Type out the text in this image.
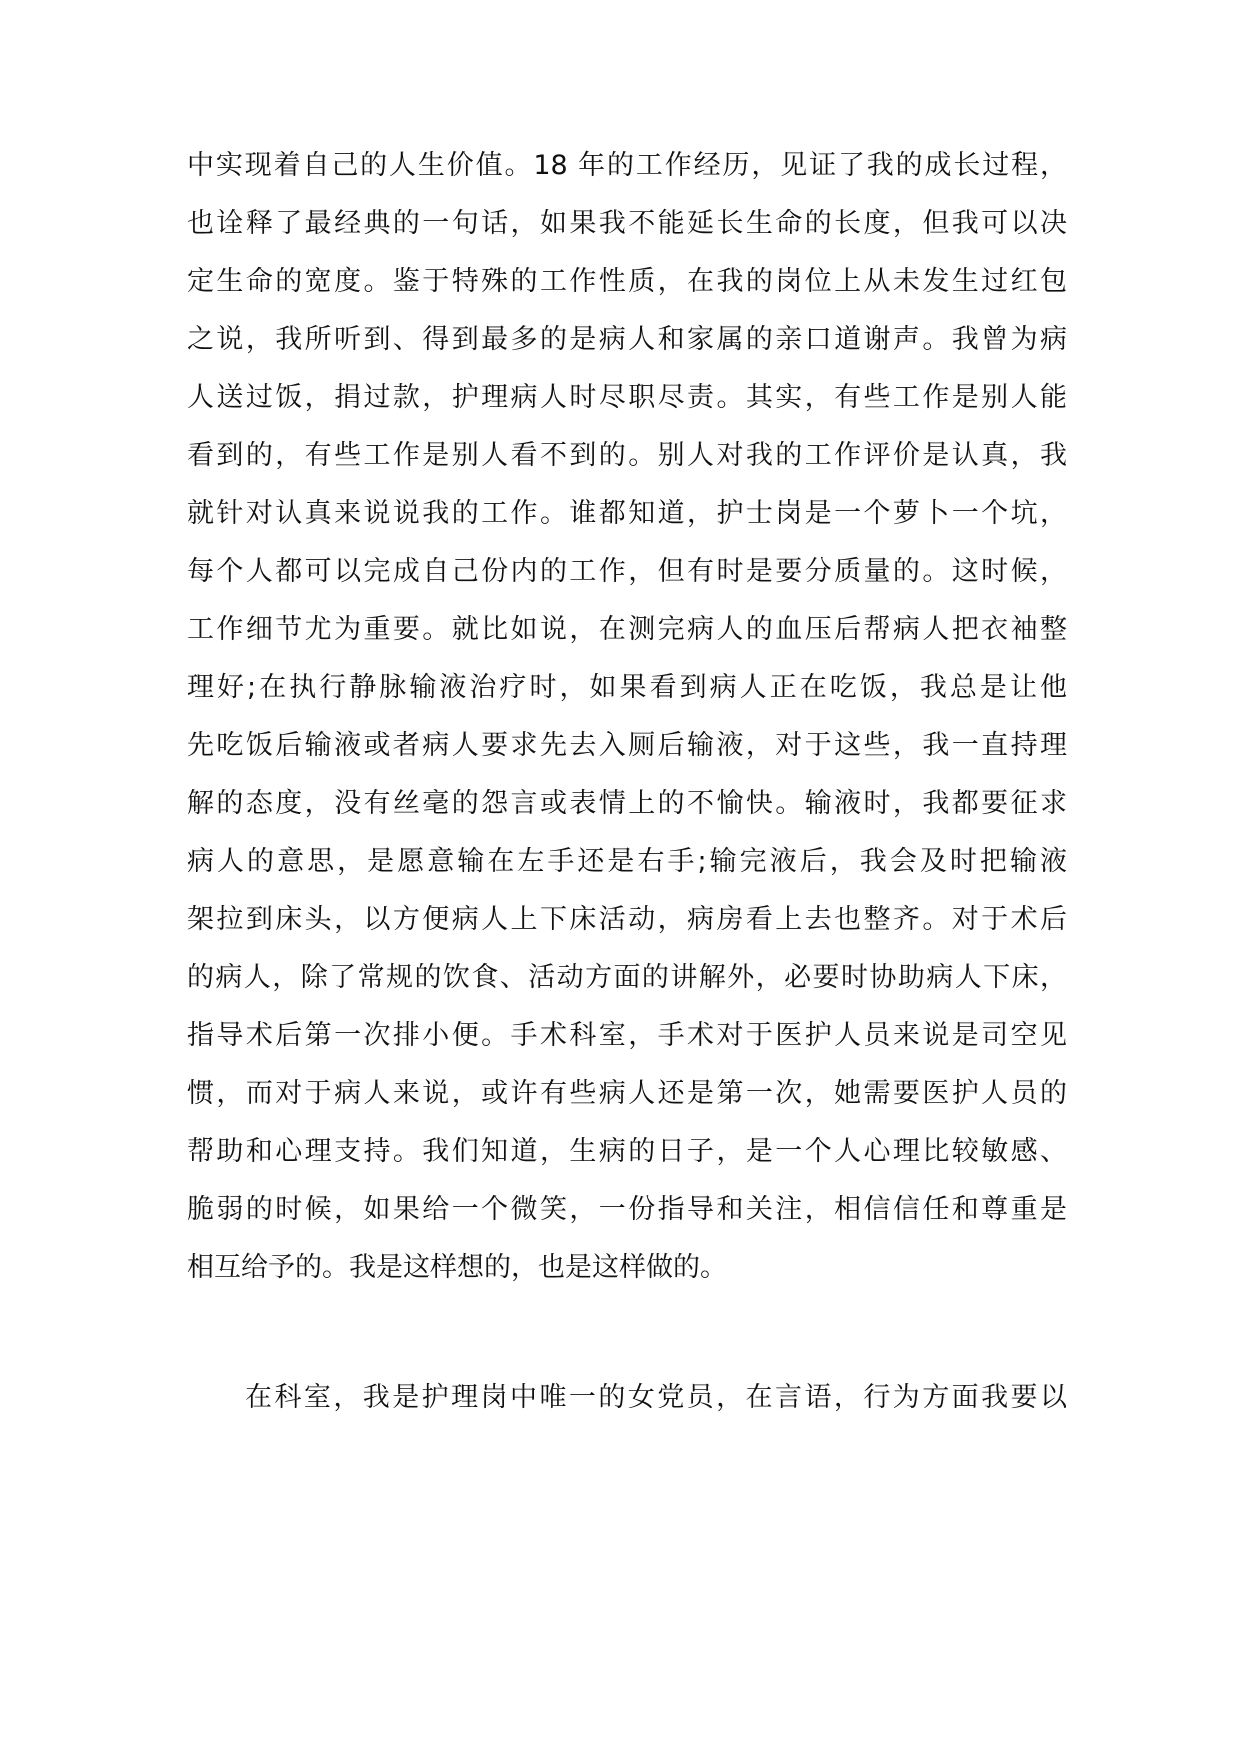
中实现着自己的人生价值。18 年的工作经历，见证了我的成长过程，
也诠释了最经典的一句话，如果我不能延长生命的长度，但我可以决
定生命的宽度。鉴于特殊的工作性质，在我的岗位上从未发生过红包
之说，我所听到、得到最多的是病人和家属的亲口道谢声。我曾为病
人送过饭，捐过款，护理病人时尽职尽责。其实，有些工作是别人能
看到的，有些工作是别人看不到的。别人对我的工作评价是认真，我
就针对认真来说说我的工作。谁都知道，护士岗是一个萝卜一个坑，
每个人都可以完成自己份内的工作，但有时是要分质量的。这时候，
工作细节尤为重要。就比如说，在测完病人的血压后帮病人把衣袖整
理好;在执行静脉输液治疗时，如果看到病人正在吃饭，我总是让他
先吃饭后输液或者病人要求先去入厕后输液，对于这些，我一直持理
解的态度，没有丝毫的怨言或表情上的不愉快。输液时，我都要征求
病人的意思，是愿意输在左手还是右手;输完液后，我会及时把输液
架拉到床头，以方便病人上下床活动，病房看上去也整齐。对于术后
的病人，除了常规的饮食、活动方面的讲解外，必要时协助病人下床，
指导术后第一次排小便。手术科室，手术对于医护人员来说是司空见
惯，而对于病人来说，或许有些病人还是第一次，她需要医护人员的
帮助和心理支持。我们知道，生病的日子，是一个人心理比较敏感、
脆弱的时候，如果给一个微笑，一份指导和关注，相信信任和尊重是
相互给予的。我是这样想的，也是这样做的。
在科室，我是护理岗中唯一的女党员，在言语，行为方面我要以
